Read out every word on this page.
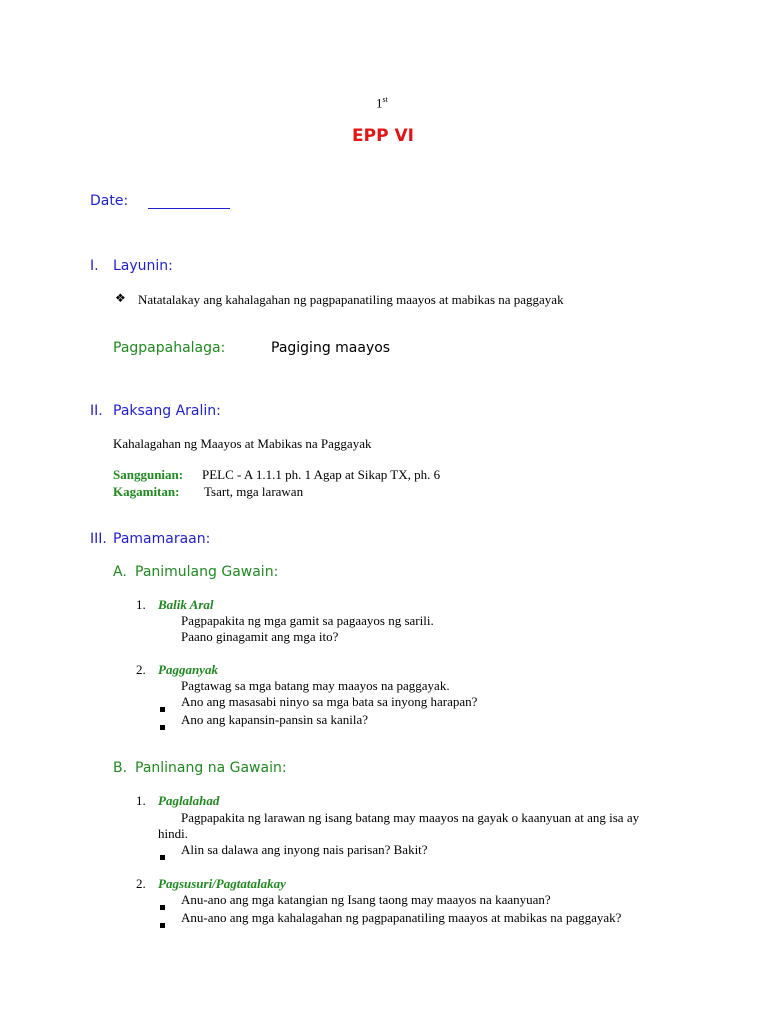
1st
EPP VI
Date:
I. Layunin:
❖ Natatalakay ang kahalagahan ng pagpapanatiling maayos at mabikas na paggayak
Pagpapahalaga:	Pagiging maayos
II. Paksang Aralin:
Kahalagahan ng Maayos at Mabikas na Paggayak
Sanggunian: PELC - A 1.1.1 ph. 1 Agap at Sikap TX, ph. 6
Kagamitan: Tsart, mga larawan
III. Pamamaraan:
A. Panimulang Gawain:
1. Balik Aral
Pagpapakita ng mga gamit sa pagaayos ng sarili.
Paano ginagamit ang mga ito?
2. Pagganyak
Pagtawag sa mga batang may maayos na paggayak.
Ano ang masasabi ninyo sa mga bata sa inyong harapan?
Ano ang kapansin-pansin sa kanila?
B. Panlinang na Gawain:
1. Paglalahad
Pagpapakita ng larawan ng isang batang may maayos na gayak o kaanyuan at ang isa ay
hindi.
Alin sa dalawa ang inyong nais parisan? Bakit?
2. Pagsusuri/Pagtatalakay
Anu-ano ang mga katangian ng Isang taong may maayos na kaanyuan?
Anu-ano ang mga kahalagahan ng pagpapanatiling maayos at mabikas na paggayak?
